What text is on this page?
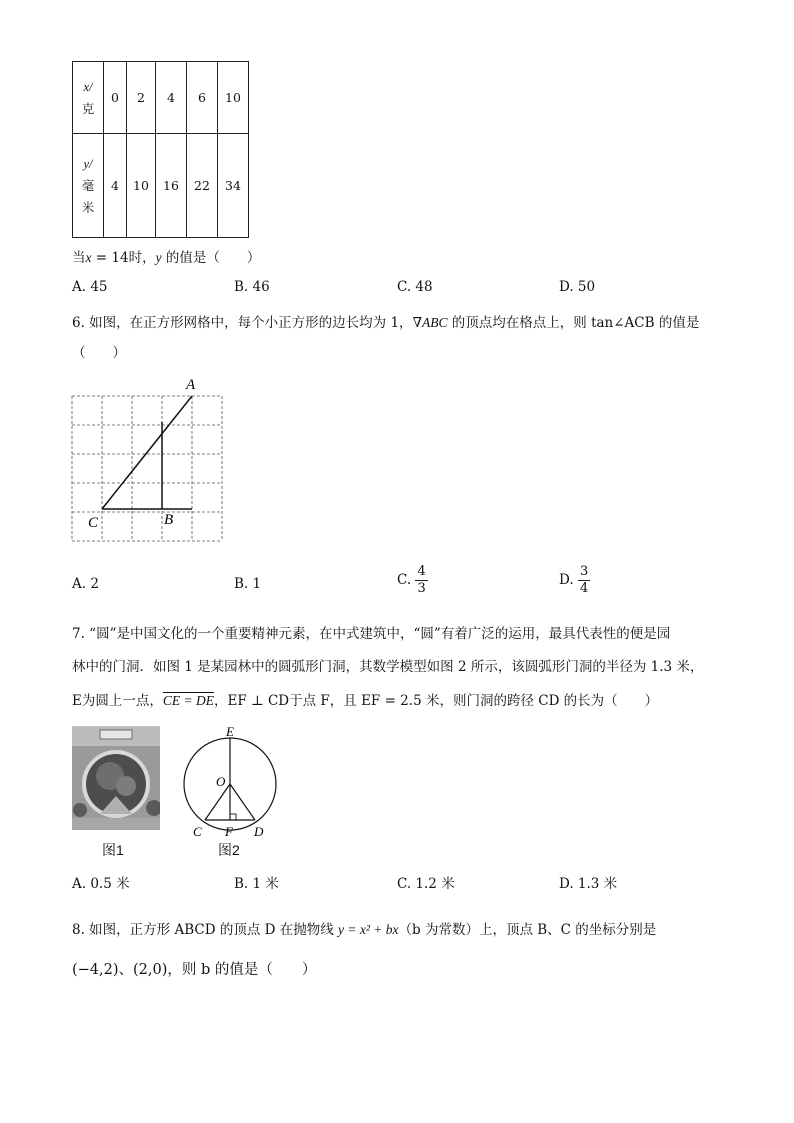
x/
克	0	2	4	6	10

y/
毫
米	4	10	16	22	34
当x = 14时，y 的值是（　　）
A. 45	B. 46	C. 48	D. 50
6. 如图，在正方形网格中，每个小正方形的边长均为 1，∇ABC 的顶点均在格点上，则 tan∠ACB 的值是
（　　）
A
B
C
A. 2	B. 1	C. $\frac{4}{3}$	D. $\frac{3}{4}$
7. “圆”是中国文化的一个重要精神元素，在中式建筑中，“圆”有着广泛的运用，最具代表性的便是园
林中的门洞．如图 1 是某园林中的圆弧形门洞，其数学模型如图 2 所示，该圆弧形门洞的半径为 1.3 米，
E为圆上一点，CE = DE，EF ⊥ CD于点 F，且 EF = 2.5 米，则门洞的跨径 CD 的长为（　　）
图1
E
O
C F D
图2
A. 0.5 米	B. 1 米	C. 1.2 米	D. 1.3 米
8. 如图，正方形 ABCD 的顶点 D 在抛物线 y = x² + bx（b 为常数）上，顶点 B、C 的坐标分别是
(−4,2)、(2,0)，则 b 的值是（　　）
